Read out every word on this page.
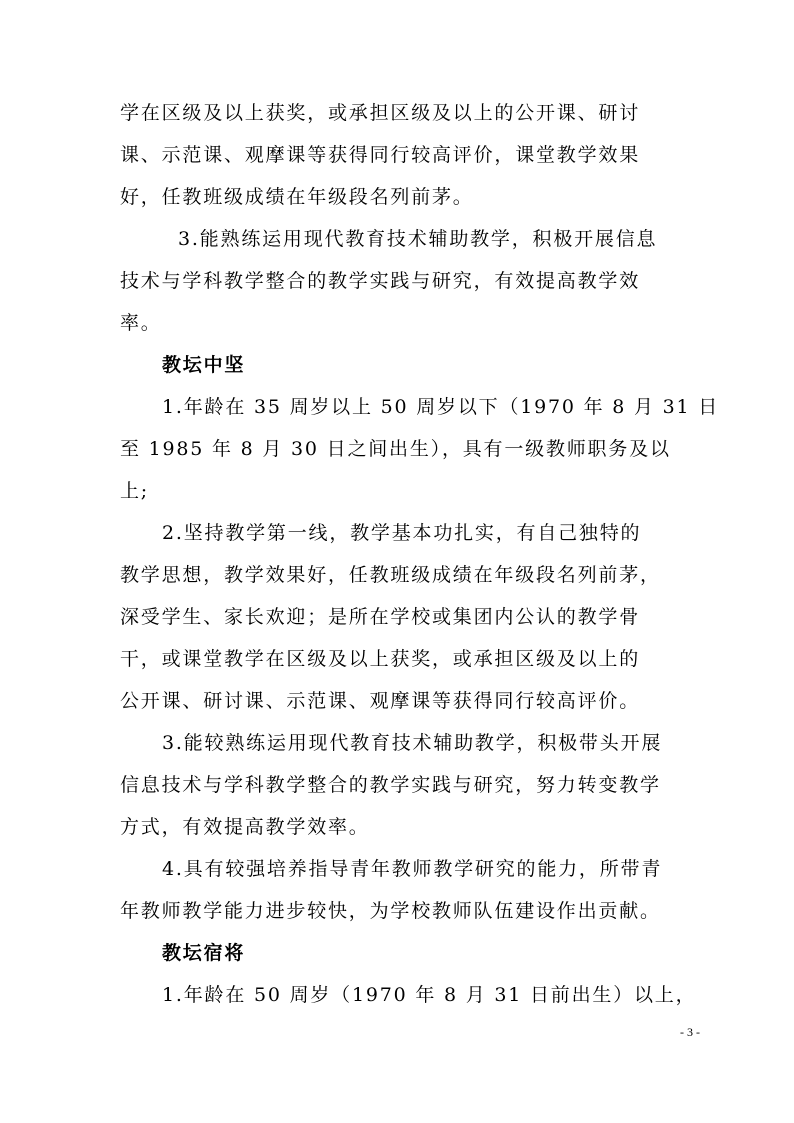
学在区级及以上获奖，或承担区级及以上的公开课、研讨
课、示范课、观摩课等获得同行较高评价，课堂教学效果
好，任教班级成绩在年级段名列前茅。
3.能熟练运用现代教育技术辅助教学，积极开展信息
技术与学科教学整合的教学实践与研究，有效提高教学效
率。
教坛中坚
1.年龄在 35 周岁以上 50 周岁以下（1970 年 8 月 31 日
至 1985 年 8 月 30 日之间出生），具有一级教师职务及以
上;
2.坚持教学第一线，教学基本功扎实，有自己独特的
教学思想，教学效果好，任教班级成绩在年级段名列前茅，
深受学生、家长欢迎；是所在学校或集团内公认的教学骨
干，或课堂教学在区级及以上获奖，或承担区级及以上的
公开课、研讨课、示范课、观摩课等获得同行较高评价。
3.能较熟练运用现代教育技术辅助教学，积极带头开展
信息技术与学科教学整合的教学实践与研究，努力转变教学
方式，有效提高教学效率。
4.具有较强培养指导青年教师教学研究的能力，所带青
年教师教学能力进步较快，为学校教师队伍建设作出贡献。
教坛宿将
1.年龄在 50 周岁（1970 年 8 月 31 日前出生）以上，
- 3 -
